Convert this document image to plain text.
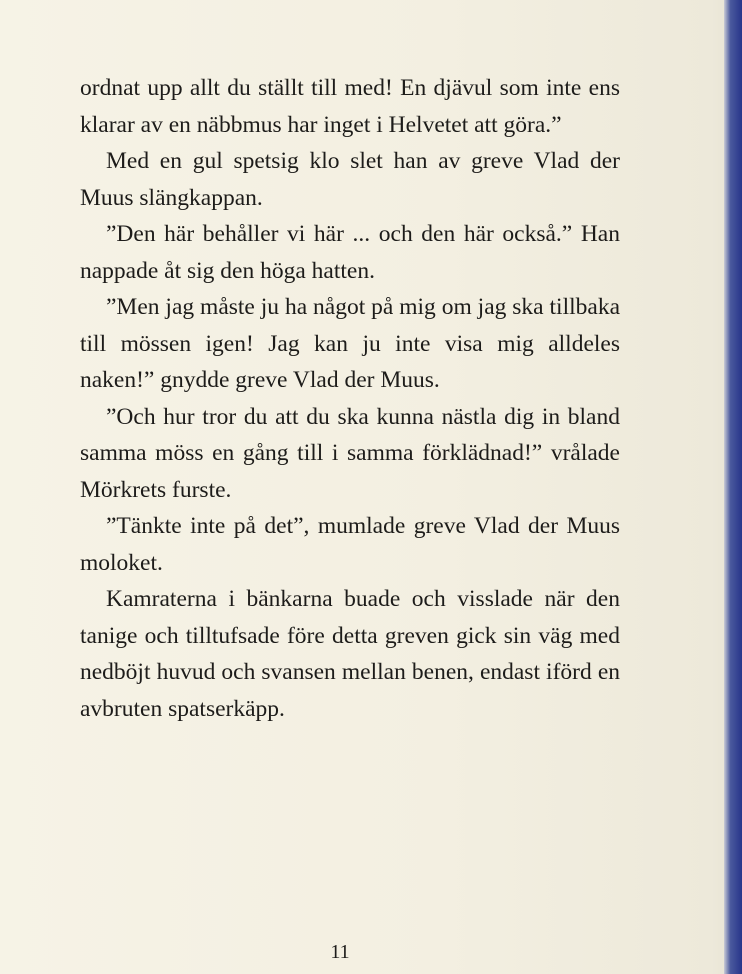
ordnat upp allt du ställt till med! En djävul som inte ens klarar av en näbbmus har inget i Helvetet att göra.”

Med en gul spetsig klo slet han av greve Vlad der Muus slängkappan.

”Den här behåller vi här ... och den här också.” Han nappade åt sig den höga hatten.

”Men jag måste ju ha något på mig om jag ska tillbaka till mössen igen! Jag kan ju inte visa mig alldeles naken!” gnydde greve Vlad der Muus.

”Och hur tror du att du ska kunna nästla dig in bland samma möss en gång till i samma förklädnad!” vrålade Mörkrets furste.

”Tänkte inte på det”, mumlade greve Vlad der Muus moloket.

Kamraterna i bänkarna buade och visslade när den tanige och tilltufsade före detta greven gick sin väg med nedböjt huvud och svansen mellan benen, endast iförd en avbruten spatserkäpp.

11
